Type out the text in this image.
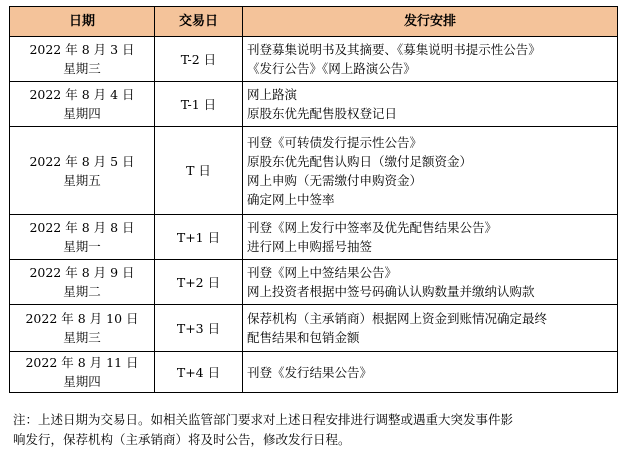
日期	交易日	发行安排

2022 年 8 月 3 日
星期三	T-2 日	刊登募集说明书及其摘要、《募集说明书提示性公告》
《发行公告》《网上路演公告》

2022 年 8 月 4 日
星期四	T-1 日	网上路演
原股东优先配售股权登记日

2022 年 8 月 5 日
星期五	T 日	刊登《可转债发行提示性公告》
原股东优先配售认购日（缴付足额资金）
网上申购（无需缴付申购资金）
确定网上中签率

2022 年 8 月 8 日
星期一	T+1 日	刊登《网上发行中签率及优先配售结果公告》
进行网上申购摇号抽签

2022 年 8 月 9 日
星期二	T+2 日	刊登《网上中签结果公告》
网上投资者根据中签号码确认认购数量并缴纳认购款

2022 年 8 月 10 日
星期三	T+3 日	保荐机构（主承销商）根据网上资金到账情况确定最终
配售结果和包销金额

2022 年 8 月 11 日
星期四	T+4 日	刊登《发行结果公告》
注：上述日期为交易日。如相关监管部门要求对上述日程安排进行调整或遇重大突发事件影
响发行，保荐机构（主承销商）将及时公告，修改发行日程。
